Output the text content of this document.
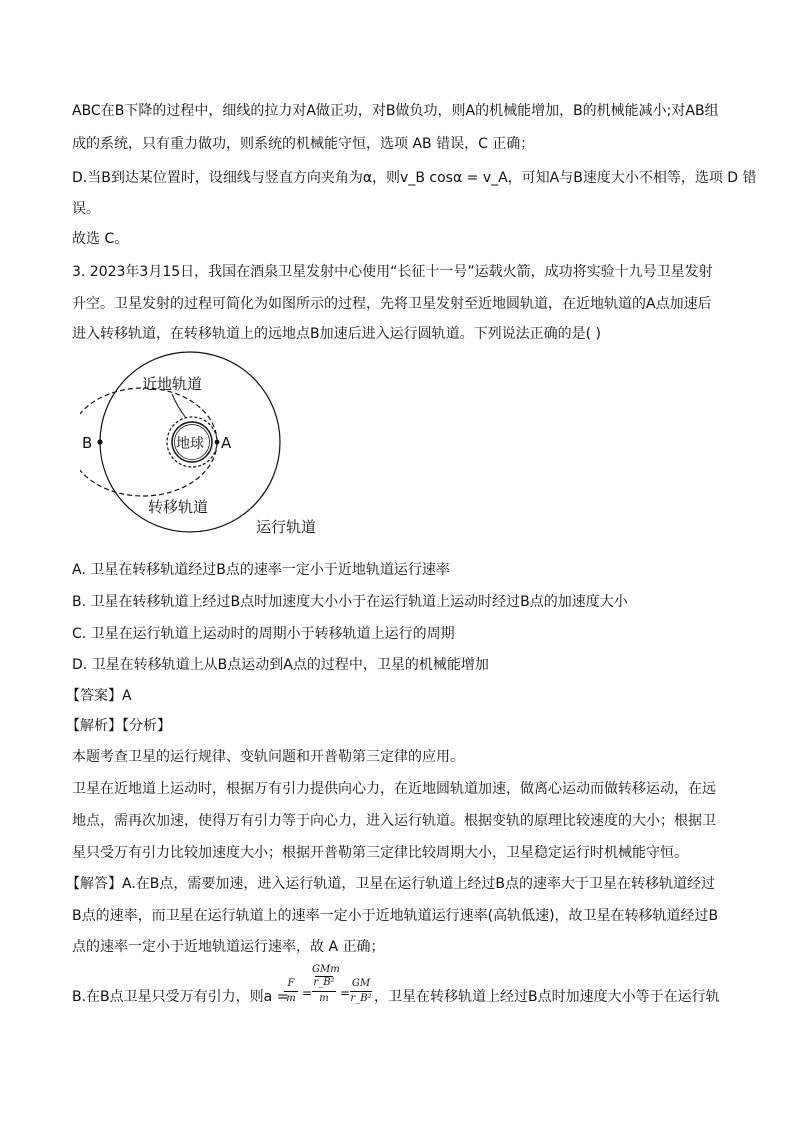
ABC在B下降的过程中，细线的拉力对A做正功，对B做负功，则A的机械能增加，B的机械能减小;对AB组
成的系统，只有重力做功，则系统的机械能守恒，选项 AB 错误，C 正确；
D.当B到达某位置时，设细线与竖直方向夹角为α，则v_B cosα = v_A，可知A与B速度大小不相等，选项 D 错
误。
故选 C。
3. 2023年3月15日，我国在酒泉卫星发射中心使用“长征十一号”运载火箭，成功将实验十九号卫星发射
升空。卫星发射的过程可简化为如图所示的过程，先将卫星发射至近地圆轨道，在近地轨道的A点加速后
进入转移轨道，在转移轨道上的远地点B加速后进入运行圆轨道。下列说法正确的是( )
近地轨道
地球 A
B
转移轨道
运行轨道
A. 卫星在转移轨道经过B点的速率一定小于近地轨道运行速率
B. 卫星在转移轨道上经过B点时加速度大小小于在运行轨道上运动时经过B点的加速度大小
C. 卫星在运行轨道上运动时的周期小于转移轨道上运行的周期
D. 卫星在转移轨道上从B点运动到A点的过程中，卫星的机械能增加
【答案】A
【解析】【分析】
本题考查卫星的运行规律、变轨问题和开普勒第三定律的应用。
卫星在近地道上运动时，根据万有引力提供向心力，在近地圆轨道加速，做离心运动而做转移运动，在远
地点，需再次加速，使得万有引力等于向心力，进入运行轨道。根据变轨的原理比较速度的大小；根据卫
星只受万有引力比较加速度大小；根据开普勒第三定律比较周期大小，卫星稳定运行时机械能守恒。
【解答】A.在B点，需要加速，进入运行轨道，卫星在运行轨道上经过B点的速率大于卫星在转移轨道经过
B点的速率，而卫星在运行轨道上的速率一定小于近地轨道运行速率(高轨低速)，故卫星在转移轨道经过B
点的速率一定小于近地轨道运行速率，故 A 正确；
B.在B点卫星只受万有引力，则a =
F
m =
GMm
r_B²
m =
GM
r_B² ，卫星在转移轨道上经过B点时加速度大小等于在运行轨
